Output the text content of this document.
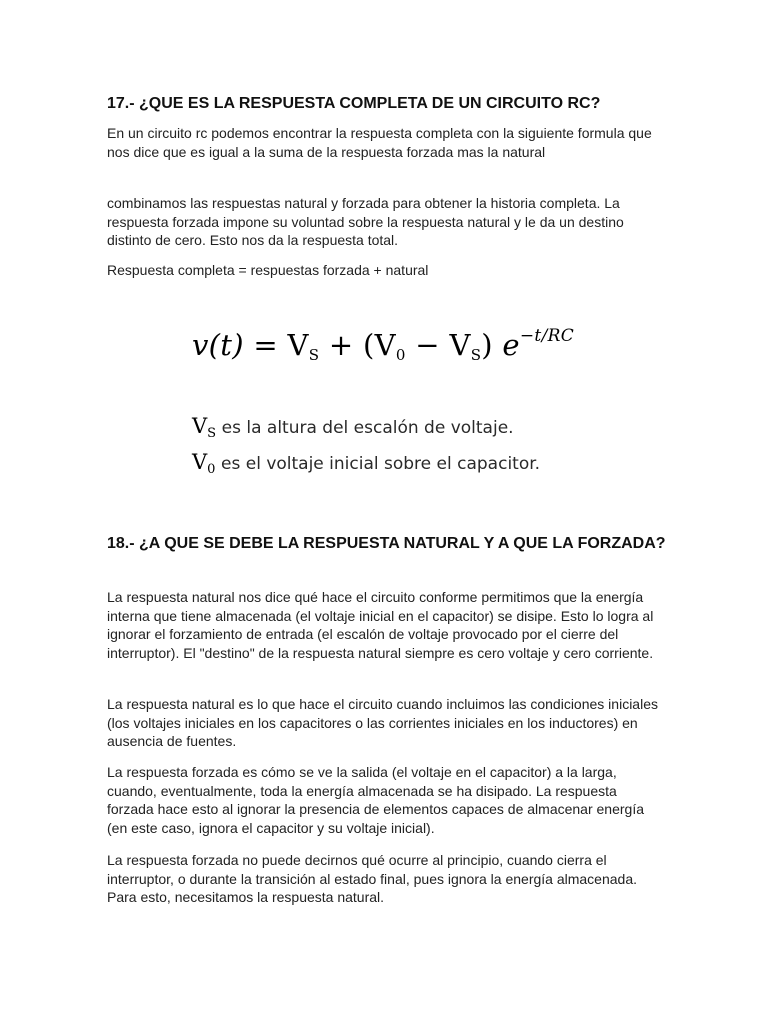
17.- ¿QUE ES LA RESPUESTA COMPLETA DE UN CIRCUITO RC?

En un circuito rc podemos encontrar la respuesta completa con la siguiente formula que nos dice que es igual a la suma de la respuesta forzada mas la natural

combinamos las respuestas natural y forzada para obtener la historia completa. La respuesta forzada impone su voluntad sobre la respuesta natural y le da un destino distinto de cero. Esto nos da la respuesta total.

Respuesta completa = respuestas forzada + natural

$v(t) = V_S + (V_0 - V_S)$ $e^{-t/RC}$
$V_S$ es la altura del escalón de voltaje.
$V_0$ es el voltaje inicial sobre el capacitor.
18.- ¿A QUE SE DEBE LA RESPUESTA NATURAL Y A QUE LA FORZADA?

La respuesta natural nos dice qué hace el circuito conforme permitimos que la energía interna que tiene almacenada (el voltaje inicial en el capacitor) se disipe. Esto lo logra al ignorar el forzamiento de entrada (el escalón de voltaje provocado por el cierre del interruptor). El "destino" de la respuesta natural siempre es cero voltaje y cero corriente.

La respuesta natural es lo que hace el circuito cuando incluimos las condiciones iniciales (los voltajes iniciales en los capacitores o las corrientes iniciales en los inductores) en ausencia de fuentes.

La respuesta forzada es cómo se ve la salida (el voltaje en el capacitor) a la larga, cuando, eventualmente, toda la energía almacenada se ha disipado. La respuesta forzada hace esto al ignorar la presencia de elementos capaces de almacenar energía (en este caso, ignora el capacitor y su voltaje inicial).

La respuesta forzada no puede decirnos qué ocurre al principio, cuando cierra el interruptor, o durante la transición al estado final, pues ignora la energía almacenada. Para esto, necesitamos la respuesta natural.
